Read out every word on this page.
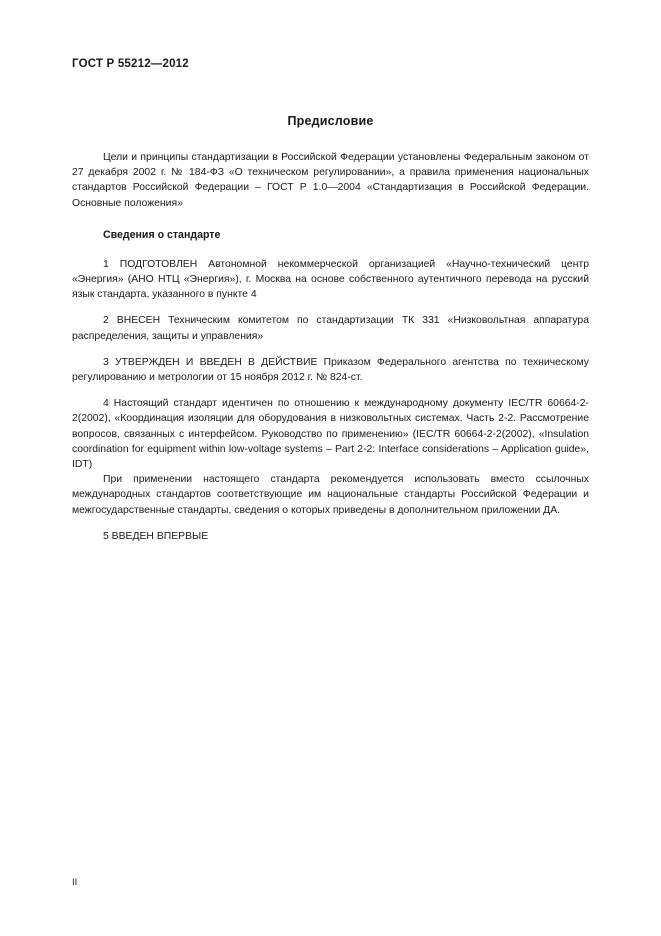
ГОСТ Р 55212—2012
Предисловие

Цели и принципы стандартизации в Российской Федерации установлены Федеральным законом от 27 декабря 2002 г. № 184-ФЗ «О техническом регулировании», а правила применения национальных стандартов Российской Федерации – ГОСТ Р 1.0—2004 «Стандартизация в Российской Федерации. Основные положения»

Сведения о стандарте

1 ПОДГОТОВЛЕН Автономной некоммерческой организацией «Научно-технический центр «Энергия» (АНО НТЦ «Энергия»), г. Москва на основе собственного аутентичного перевода на русский язык стандарта, указанного в пункте 4

2 ВНЕСЕН Техническим комитетом по стандартизации ТК 331 «Низковольтная аппаратура распределения, защиты и управления»

3 УТВЕРЖДЕН И ВВЕДЕН В ДЕЙСТВИЕ Приказом Федерального агентства по техническому регулированию и метрологии от 15 ноября 2012 г. № 824-ст.

4 Настоящий стандарт идентичен по отношению к международному документу IEC/TR 60664-2-2(2002), «Координация изоляции для оборудования в низковольтных системах. Часть 2-2. Рассмотрение вопросов, связанных с интерфейсом. Руководство по применению» (IEC/TR 60664-2-2(2002), «Insulation coordination for equipment within low-voltage systems – Part 2-2: Interface considerations – Application guide», IDT)

При применении настоящего стандарта рекомендуется использовать вместо ссылочных международных стандартов соответствующие им национальные стандарты Российской Федерации и межгосударственные стандарты, сведения о которых приведены в дополнительном приложении ДА.

5 ВВЕДЕН ВПЕРВЫЕ

II
